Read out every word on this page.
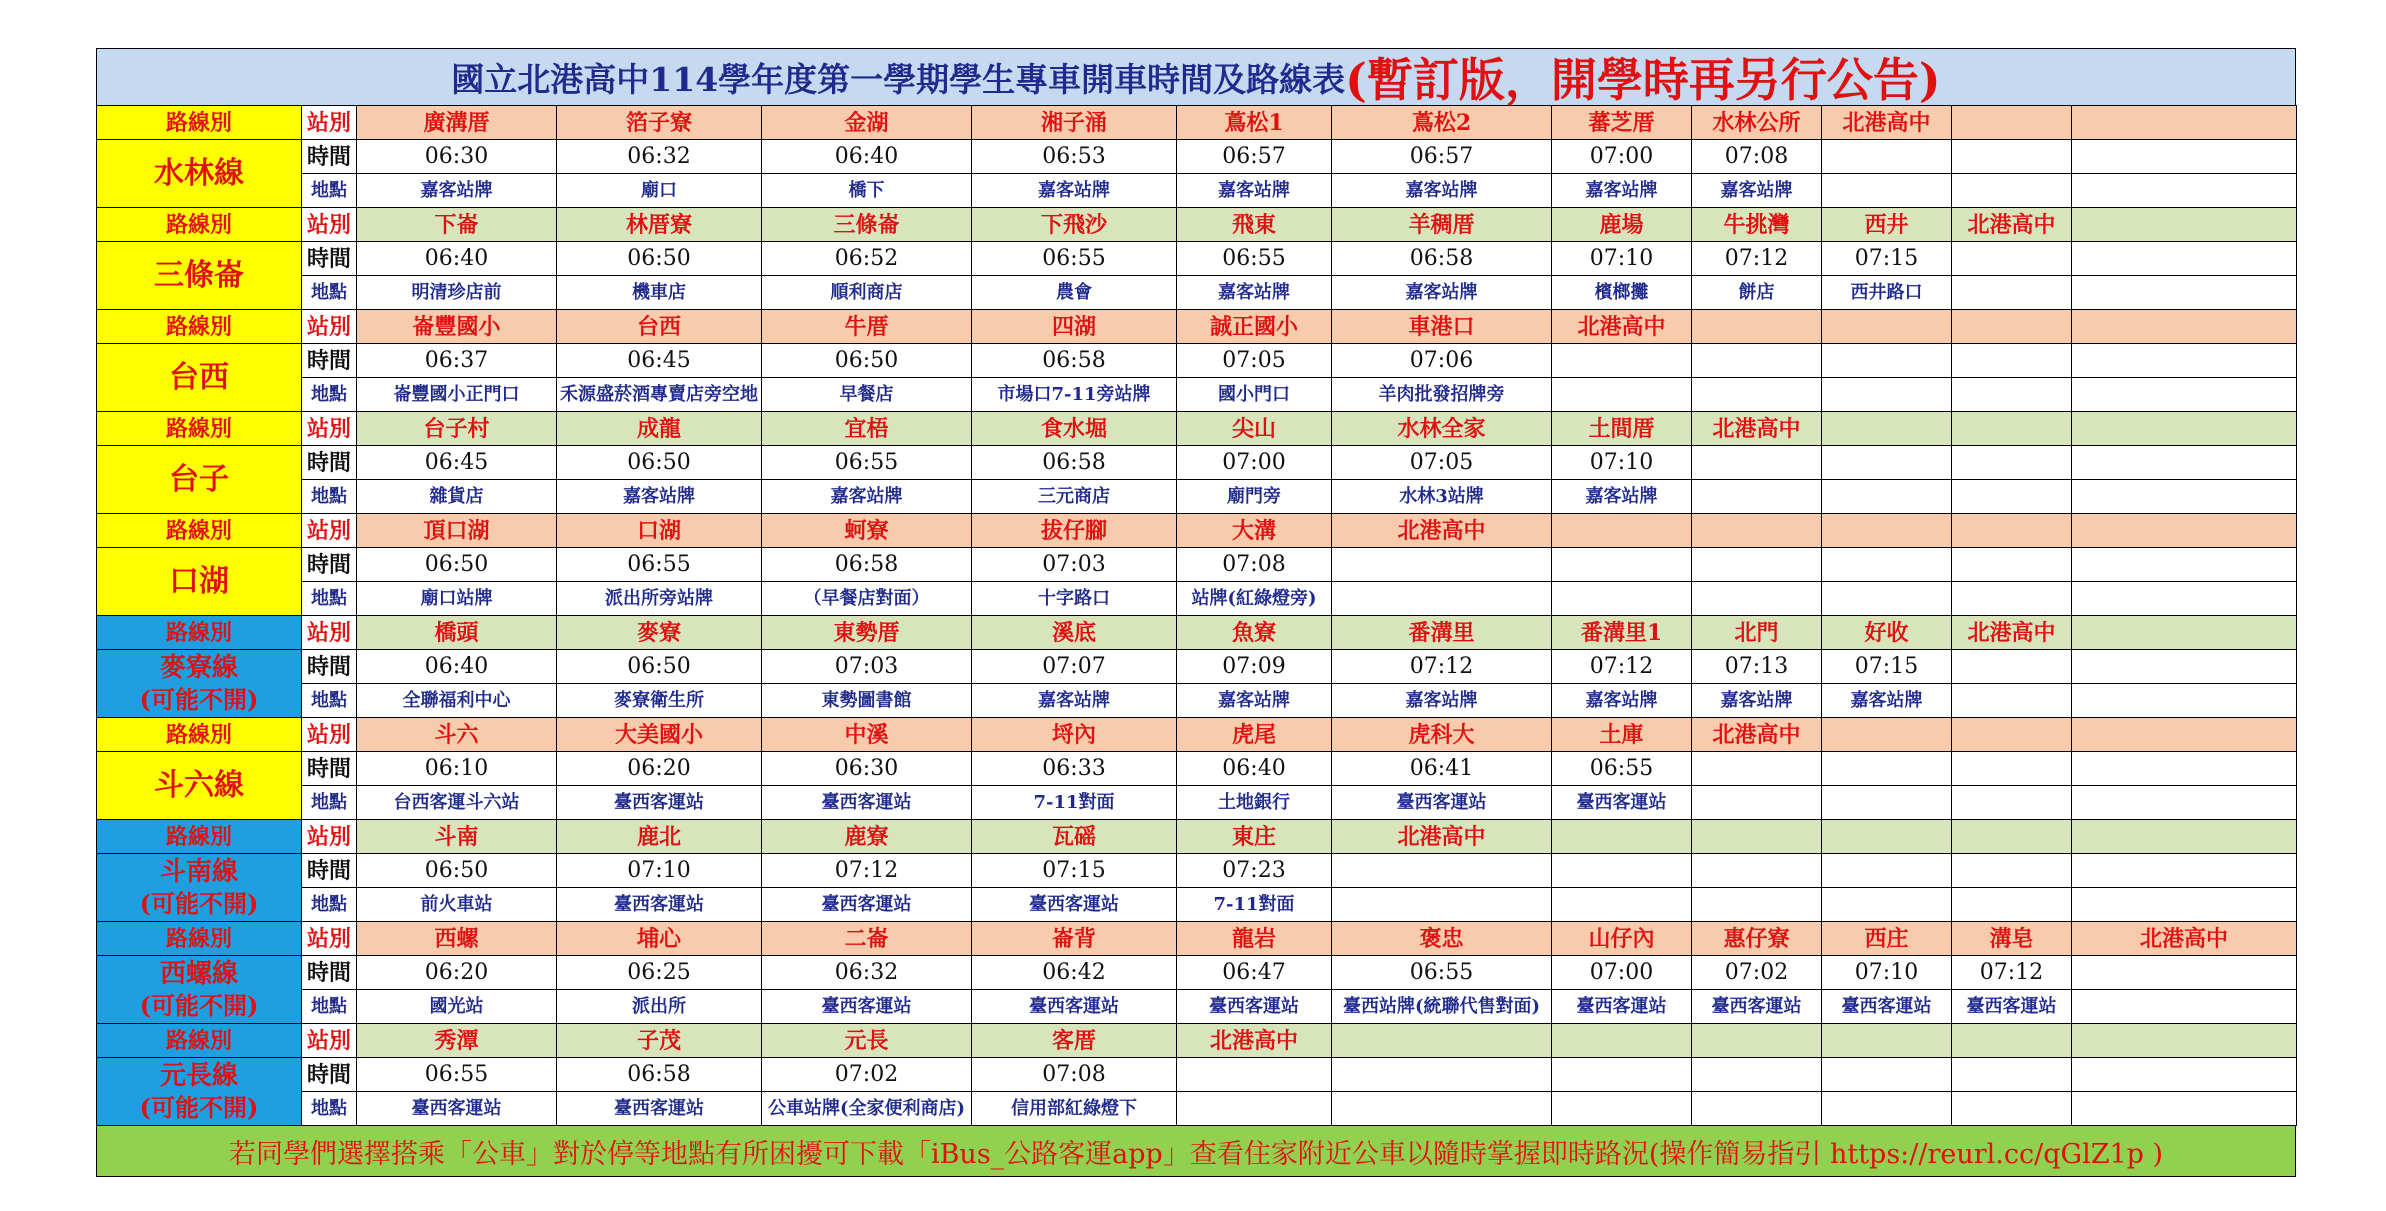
國立北港高中114學年度第一學期學生專車開車時間及路線表 (暫訂版，開學時再另行公告)
路線別	站別	廣溝厝	箔子寮	金湖	湘子涌	蔦松1	蔦松2	蕃芝厝	水林公所	北港高中		

水林線	時間	06:30	06:32	06:40	06:53	06:57	06:57	07:00	07:08			
	地點	嘉客站牌	廟口	橋下	嘉客站牌	嘉客站牌	嘉客站牌	嘉客站牌	嘉客站牌			
路線別	站別	下崙	林厝寮	三條崙	下飛沙	飛東	羊稠厝	鹿場	牛挑灣	西井	北港高中	

三條崙	時間	06:40	06:50	06:52	06:55	06:55	06:58	07:10	07:12	07:15		
	地點	明清珍店前	機車店	順利商店	農會	嘉客站牌	嘉客站牌	檳榔攤	餅店	西井路口		
路線別	站別	崙豐國小	台西	牛厝	四湖	誠正國小	車港口	北港高中				

台西	時間	06:37	06:45	06:50	06:58	07:05	07:06					
	地點	崙豐國小正門口	禾源盛菸酒專賣店旁空地	早餐店	市場口7-11旁站牌	國小門口	羊肉批發招牌旁					
路線別	站別	台子村	成龍	宜梧	食水堀	尖山	水林全家	土間厝	北港高中			

台子	時間	06:45	06:50	06:55	06:58	07:00	07:05	07:10				
	地點	雜貨店	嘉客站牌	嘉客站牌	三元商店	廟門旁	水林3站牌	嘉客站牌				
路線別	站別	頂口湖	口湖	蚵寮	拔仔腳	大溝	北港高中					

口湖	時間	06:50	06:55	06:58	07:03	07:08						
	地點	廟口站牌	派出所旁站牌	（早餐店對面）	十字路口	站牌(紅綠燈旁)						
路線別	站別	橋頭	麥寮	東勢厝	溪底	魚寮	番溝里	番溝里1	北門	好收	北港高中	

麥寮線
(可能不開)	時間	06:40	06:50	07:03	07:07	07:09	07:12	07:12	07:13	07:15		
	地點	全聯福利中心	麥寮衛生所	東勢圖書館	嘉客站牌	嘉客站牌	嘉客站牌	嘉客站牌	嘉客站牌	嘉客站牌		
路線別	站別	斗六	大美國小	中溪	埒內	虎尾	虎科大	土庫	北港高中			

斗六線	時間	06:10	06:20	06:30	06:33	06:40	06:41	06:55				
	地點	台西客運斗六站	臺西客運站	臺西客運站	7-11對面	土地銀行	臺西客運站	臺西客運站				
路線別	站別	斗南	鹿北	鹿寮	瓦磘	東庄	北港高中					

斗南線
(可能不開)	時間	06:50	07:10	07:12	07:15	07:23						
	地點	前火車站	臺西客運站	臺西客運站	臺西客運站	7-11對面						
路線別	站別	西螺	埔心	二崙	崙背	龍岩	褒忠	山仔內	惠仔寮	西庄	溝皂	北港高中

西螺線
(可能不開)	時間	06:20	06:25	06:32	06:42	06:47	06:55	07:00	07:02	07:10	07:12	
	地點	國光站	派出所	臺西客運站	臺西客運站	臺西客運站	臺西站牌(統聯代售對面)	臺西客運站	臺西客運站	臺西客運站	臺西客運站	
路線別	站別	秀潭	子茂	元長	客厝	北港高中						

元長線
(可能不開)	時間	06:55	06:58	07:02	07:08							
	地點	臺西客運站	臺西客運站	公車站牌(全家便利商店)	信用部紅綠燈下							
若同學們選擇搭乘「公車」對於停等地點有所困擾可下載「iBus_公路客運app」查看住家附近公車以隨時掌握即時路況(操作簡易指引 https://reurl.cc/qGlZ1p )
